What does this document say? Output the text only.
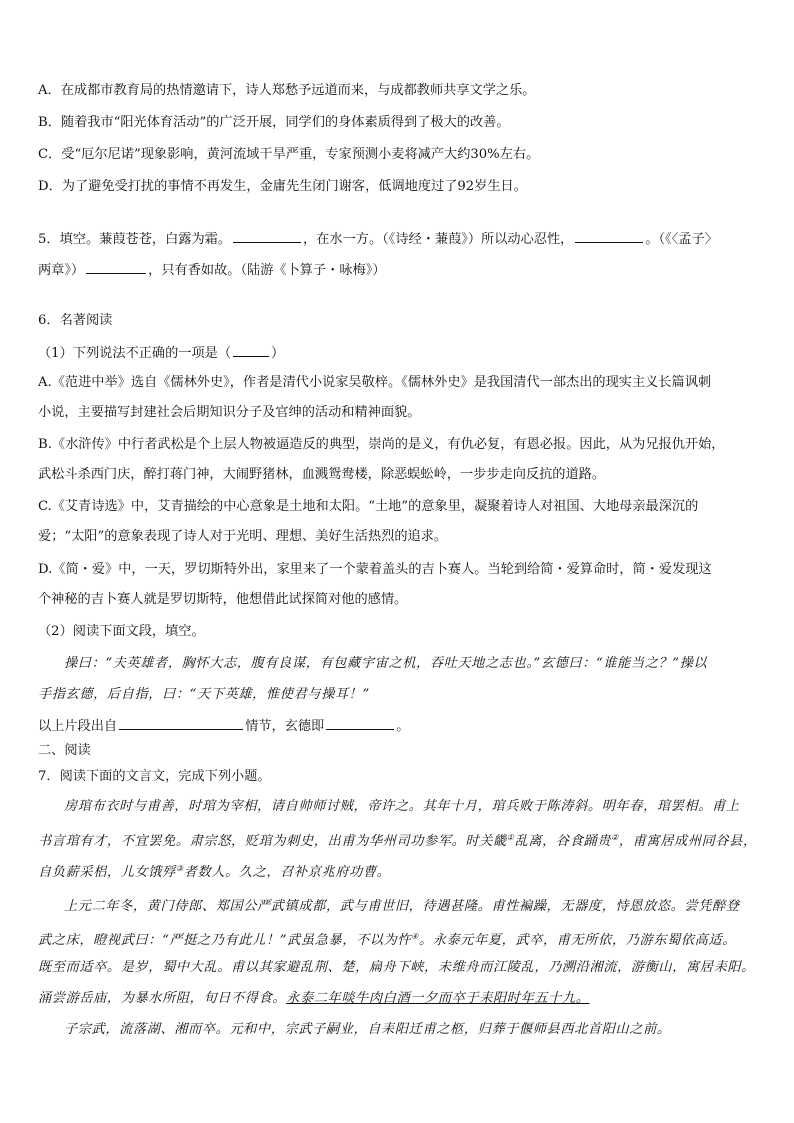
A．在成都市教育局的热情邀请下，诗人郑愁予远道而来，与成都教师共享文学之乐。
B．随着我市“阳光体育活动”的广泛开展，同学们的身体素质得到了极大的改善。
C．受“厄尔尼诺”现象影响，黄河流域干旱严重，专家预测小麦将减产大约30%左右。
D．为了避免受打扰的事情不再发生，金庸先生闭门谢客，低调地度过了92岁生日。
5．填空。蒹葭苍苍，白露为霜。	，在水一方。（《诗经・蒹葭》）所以动心忍性，	。（《〈孟子〉
两章》）	，只有香如故。（陆游《卜算子・咏梅》）
6．名著阅读
（1）下列说法不正确的一项是（	）
A.《范进中举》选自《儒林外史》，作者是清代小说家吴敬梓。《儒林外史》是我国清代一部杰出的现实主义长篇讽刺
小说，主要描写封建社会后期知识分子及官绅的活动和精神面貌。
B.《水浒传》中行者武松是个上层人物被逼造反的典型，崇尚的是义，有仇必复，有恩必报。因此，从为兄报仇开始，
武松斗杀西门庆，醉打蒋门神，大闹野猪林，血溅鸳鸯楼，除恶蜈蚣岭，一步步走向反抗的道路。
C.《艾青诗选》中，艾青描绘的中心意象是土地和太阳。“土地”的意象里，凝聚着诗人对祖国、大地母亲最深沉的
爱；“太阳”的意象表现了诗人对于光明、理想、美好生活热烈的追求。
D.《简・爱》中，一天，罗切斯特外出，家里来了一个蒙着盖头的吉卜赛人。当轮到给简・爱算命时，简・爱发现这
个神秘的吉卜赛人就是罗切斯特，他想借此试探简对他的感情。
（2）阅读下面文段，填空。
操曰：“夫英雄者，胸怀大志，腹有良谋，有包藏宇宙之机，吞吐天地之志也。”玄德曰：“谁能当之？”操以
手指玄德，后自指，曰：“天下英雄，惟使君与操耳！”
以上片段出自	情节，玄德即	。
二、阅读
7．阅读下面的文言文，完成下列小题。
房琯布衣时与甫善，时琯为宰相，请自帅师讨贼，帝许之。其年十月，琯兵败于陈涛斜。明年春，琯罢相。甫上
书言琯有才，不宜罢免。肃宗怒，贬琯为刺史，出甫为华州司功参军。时关畿①乱离，谷食踊贵②，甫寓居成州同谷县，
自负薪采梠，儿女饿殍③者数人。久之，召补京兆府功曹。
上元二年冬，黄门侍郎、郑国公严武镇成都，武与甫世旧，待遇甚隆。甫性褊躁，无器度，恃恩放恣。尝凭醉登
武之床，瞪视武曰：“严挺之乃有此儿！”武虽急暴，不以为忤④。永泰元年夏，武卒，甫无所依，乃游东蜀依高适。
既至而适卒。是岁，蜀中大乱。甫以其家避乱荆、楚，扁舟下峡，未维舟而江陵乱，乃溯沿湘流，游衡山，寓居耒阳。
涌尝游岳庙，为暴水所阻，旬日不得食。永泰二年啖牛肉白酒一夕而卒于耒阳时年五十九。
子宗武，流落湖、湘而卒。元和中，宗武子嗣业，自耒阳迁甫之柩，归葬于偃师县西北首阳山之前。
